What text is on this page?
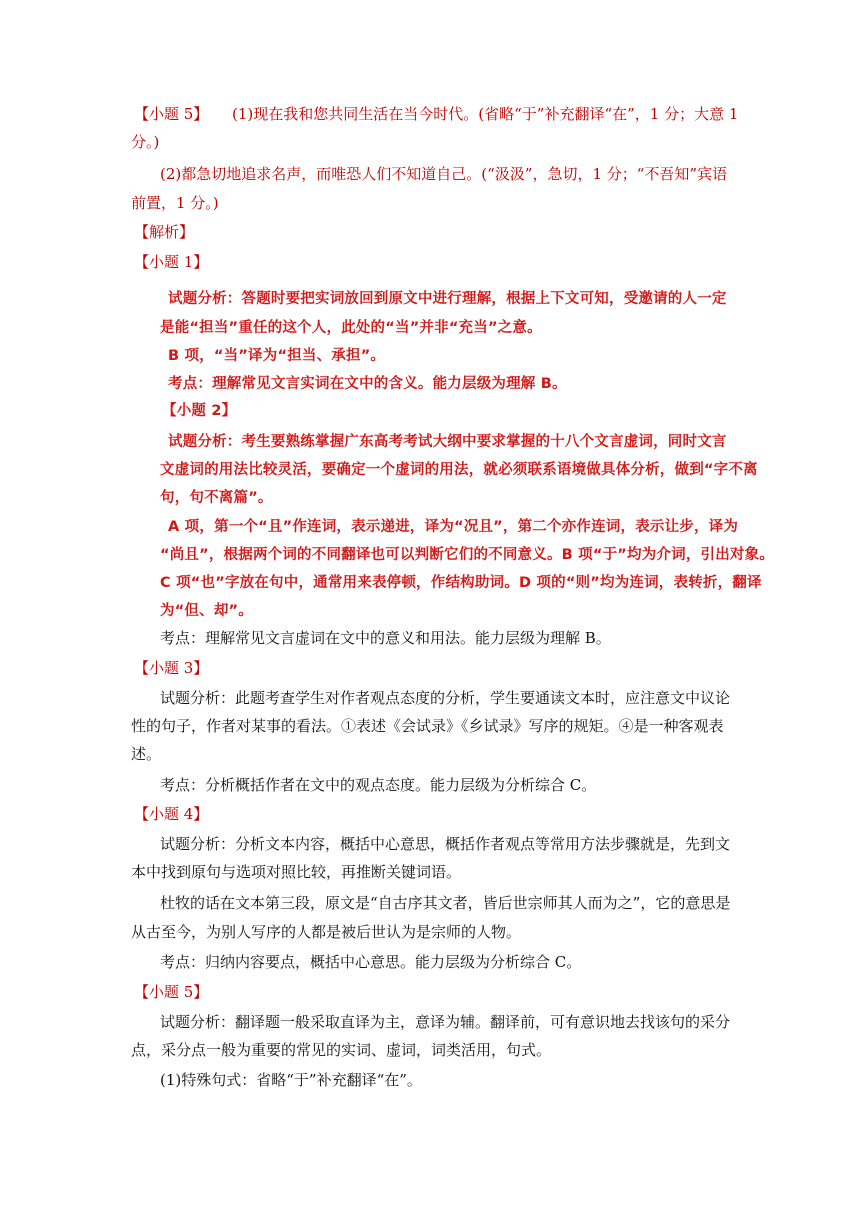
【小题 5】 (1)现在我和您共同生活在当今时代。(省略“于”补充翻译“在”，1 分；大意 1
分。)
(2)都急切地追求名声，而唯恐人们不知道自己。(“汲汲”，急切，1 分；“不吾知”宾语
前置，1 分。)
【解析】
【小题 1】
试题分析：答题时要把实词放回到原文中进行理解，根据上下文可知，受邀请的人一定
是能“担当”重任的这个人，此处的“当”并非“充当”之意。
B 项，“当”译为“担当、承担”。
考点：理解常见文言实词在文中的含义。能力层级为理解 B。
【小题 2】
试题分析：考生要熟练掌握广东高考考试大纲中要求掌握的十八个文言虚词，同时文言
文虚词的用法比较灵活，要确定一个虚词的用法，就必须联系语境做具体分析，做到“字不离
句，句不离篇”。
A 项，第一个“且”作连词，表示递进，译为“况且”，第二个亦作连词，表示让步，译为
“尚且”，根据两个词的不同翻译也可以判断它们的不同意义。B 项“于”均为介词，引出对象。
C 项“也”字放在句中，通常用来表停顿，作结构助词。D 项的“则”均为连词，表转折，翻译
为“但、却”。
考点：理解常见文言虚词在文中的意义和用法。能力层级为理解 B。
【小题 3】
试题分析：此题考查学生对作者观点态度的分析，学生要通读文本时，应注意文中议论
性的句子，作者对某事的看法。①表述《会试录》《乡试录》写序的规矩。④是一种客观表
述。
考点：分析概括作者在文中的观点态度。能力层级为分析综合 C。
【小题 4】
试题分析：分析文本内容，概括中心意思，概括作者观点等常用方法步骤就是，先到文
本中找到原句与选项对照比较，再推断关键词语。
杜牧的话在文本第三段，原文是“自古序其文者，皆后世宗师其人而为之”，它的意思是
从古至今，为别人写序的人都是被后世认为是宗师的人物。
考点：归纳内容要点，概括中心意思。能力层级为分析综合 C。
【小题 5】
试题分析：翻译题一般采取直译为主，意译为辅。翻译前，可有意识地去找该句的采分
点，采分点一般为重要的常见的实词、虚词，词类活用，句式。
(1)特殊句式：省略“于”补充翻译“在”。
